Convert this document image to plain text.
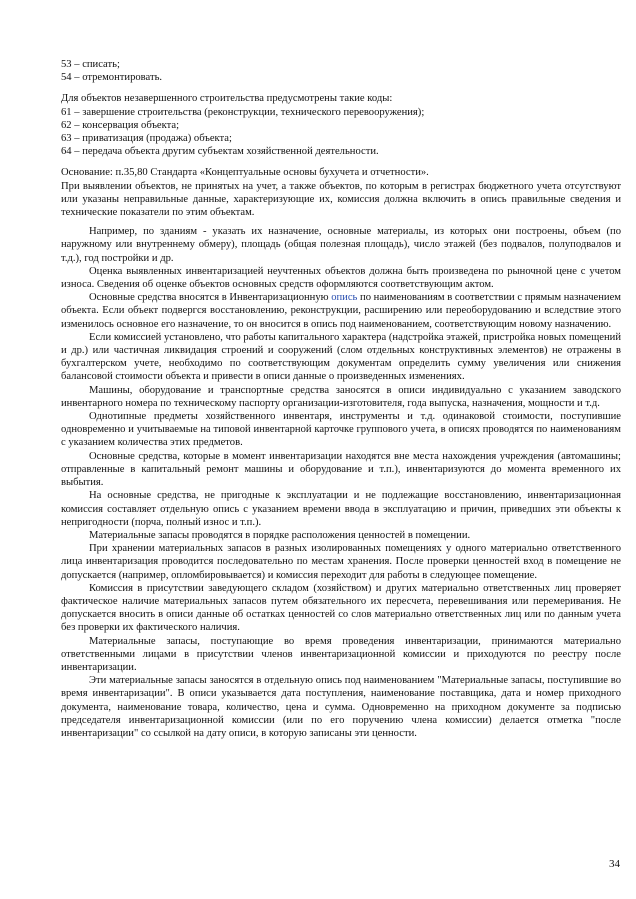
53 – списать;

54 – отремонтировать.

Для объектов незавершенного строительства предусмотрены такие коды:

61 – завершение строительства (реконструкции, технического перевооружения);

62 – консервация объекта;

63 – приватизация (продажа) объекта;

64 – передача объекта другим субъектам хозяйственной деятельности.

Основание: п.35,80 Стандарта «Концептуальные основы бухучета и отчетности».

При выявлении объектов, не принятых на учет, а также объектов, по которым в регистрах бюджетного учета отсутствуют или указаны неправильные данные, характеризующие их, комиссия должна включить в опись правильные сведения и технические показатели по этим объектам.

Например, по зданиям - указать их назначение, основные материалы, из которых они построены, объем (по наружному или внутреннему обмеру), площадь (общая полезная площадь), число этажей (без подвалов, полуподвалов и т.д.), год постройки и др.

Оценка выявленных инвентаризацией неучтенных объектов должна быть произведена по рыночной цене с учетом износа. Сведения об оценке объектов основных средств оформляются соответствующим актом.

Основные средства вносятся в Инвентаризационную опись по наименованиям в соответствии с прямым назначением объекта. Если объект подвергся восстановлению, реконструкции, расширению или переоборудованию и вследствие этого изменилось основное его назначение, то он вносится в опись под наименованием, соответствующим новому назначению.

Если комиссией установлено, что работы капитального характера (надстройка этажей, пристройка новых помещений и др.) или частичная ликвидация строений и сооружений (слом отдельных конструктивных элементов) не отражены в бухгалтерском учете, необходимо по соответствующим документам определить сумму увеличения или снижения балансовой стоимости объекта и привести в описи данные о произведенных изменениях.

Машины, оборудование и транспортные средства заносятся в описи индивидуально с указанием заводского инвентарного номера по техническому паспорту организации-изготовителя, года выпуска, назначения, мощности и т.д.

Однотипные предметы хозяйственного инвентаря, инструменты и т.д. одинаковой стоимости, поступившие одновременно и учитываемые на типовой инвентарной карточке группового учета, в описях проводятся по наименованиям с указанием количества этих предметов.

Основные средства, которые в момент инвентаризации находятся вне места нахождения учреждения (автомашины; отправленные в капитальный ремонт машины и оборудование и т.п.), инвентаризуются до момента временного их выбытия.

На основные средства, не пригодные к эксплуатации и не подлежащие восстановлению, инвентаризационная комиссия составляет отдельную опись с указанием времени ввода в эксплуатацию и причин, приведших эти объекты к непригодности (порча, полный износ и т.п.).

Материальные запасы проводятся в порядке расположения ценностей в помещении.

При хранении материальных запасов в разных изолированных помещениях у одного материально ответственного лица инвентаризация проводится последовательно по местам хранения. После проверки ценностей вход в помещение не допускается (например, опломбировывается) и комиссия переходит для работы в следующее помещение.

Комиссия в присутствии заведующего складом (хозяйством) и других материально ответственных лиц проверяет фактическое наличие материальных запасов путем обязательного их пересчета, перевешивания или перемеривания. Не допускается вносить в описи данные об остатках ценностей со слов материально ответственных лиц или по данным учета без проверки их фактического наличия.

Материальные запасы, поступающие во время проведения инвентаризации, принимаются материально ответственными лицами в присутствии членов инвентаризационной комиссии и приходуются по реестру после инвентаризации.

Эти материальные запасы заносятся в отдельную опись под наименованием "Материальные запасы, поступившие во время инвентаризации". В описи указывается дата поступления, наименование поставщика, дата и номер приходного документа, наименование товара, количество, цена и сумма. Одновременно на приходном документе за подписью председателя инвентаризационной комиссии (или по его поручению члена комиссии) делается отметка "после инвентаризации" со ссылкой на дату описи, в которую записаны эти ценности.

34
